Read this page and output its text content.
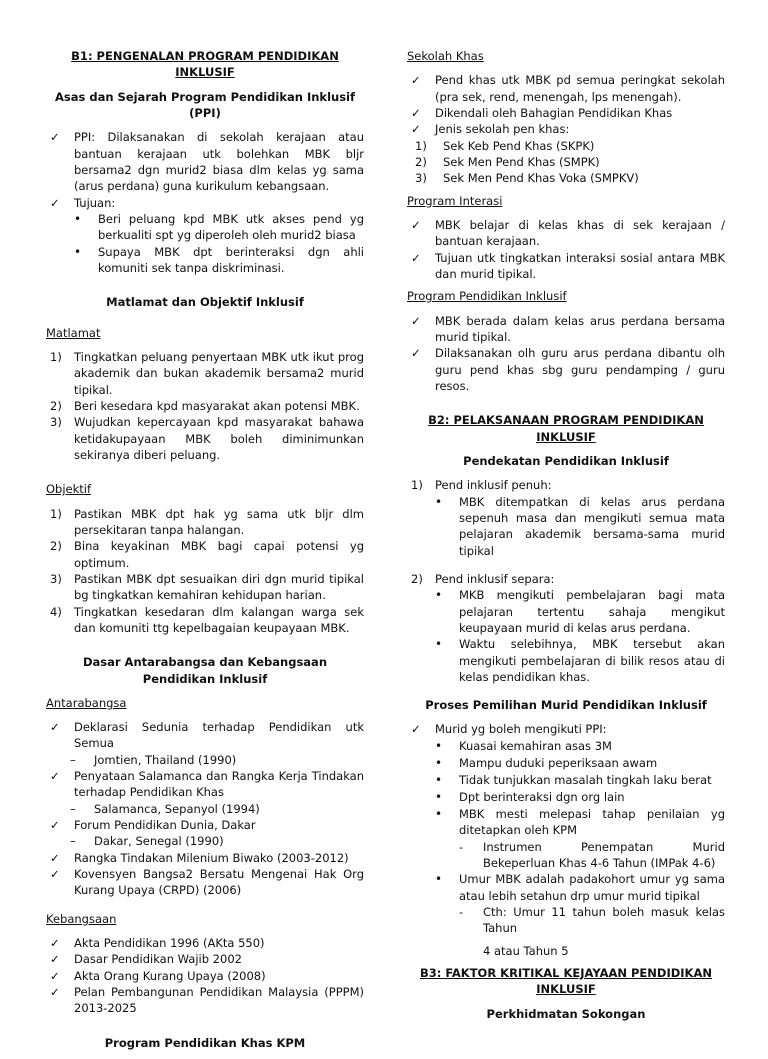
B1: PENGENALAN PROGRAM PENDIDIKAN INKLUSIF
Asas dan Sejarah Program Pendidikan Inklusif (PPI)
✓	PPI: Dilaksanakan di sekolah kerajaan atau bantuan kerajaan utk bolehkan MBK bljr bersama2 dgn murid2 biasa dlm kelas yg sama (arus perdana) guna kurikulum kebangsaan.
✓	Tujuan:
•	Beri peluang kpd MBK utk akses pend yg berkualiti spt yg diperoleh oleh murid2 biasa
•	Supaya MBK dpt berinteraksi dgn ahli komuniti sek tanpa diskriminasi.
Matlamat dan Objektif Inklusif
Matlamat
1)	Tingkatkan peluang penyertaan MBK utk ikut prog akademik dan bukan akademik bersama2 murid tipikal.
2)	Beri kesedara kpd masyarakat akan potensi MBK.
3)	Wujudkan kepercayaan kpd masyarakat bahawa ketidakupayaan MBK boleh diminimunkan sekiranya diberi peluang.
Objektif
1)	Pastikan MBK dpt hak yg sama utk bljr dlm persekitaran tanpa halangan.
2)	Bina keyakinan MBK bagi capai potensi yg optimum.
3)	Pastikan MBK dpt sesuaikan diri dgn murid tipikal bg tingkatkan kemahiran kehidupan harian.
4)	Tingkatkan kesedaran dlm kalangan warga sek dan komuniti ttg kepelbagaian keupayaan MBK.
Dasar Antarabangsa dan Kebangsaan Pendidikan Inklusif
Antarabangsa
✓	Deklarasi Sedunia terhadap Pendidikan utk Semua
–	Jomtien, Thailand (1990)
✓	Penyataan Salamanca dan Rangka Kerja Tindakan terhadap Pendidikan Khas
–	Salamanca, Sepanyol (1994)
✓	Forum Pendidikan Dunia, Dakar
–	Dakar, Senegal (1990)
✓	Rangka Tindakan Milenium Biwako (2003-2012)
✓	Kovensyen Bangsa2 Bersatu Mengenai Hak Org Kurang Upaya (CRPD) (2006)
Kebangsaan
✓	Akta Pendidikan 1996 (AKta 550)
✓	Dasar Pendidikan Wajib 2002
✓	Akta Orang Kurang Upaya (2008)
✓	Pelan Pembangunan Pendidikan Malaysia (PPPM) 2013-2025
Program Pendidikan Khas KPM
Sekolah Khas
✓	Pend khas utk MBK pd semua peringkat sekolah (pra sek, rend, menengah, lps menengah).
✓	Dikendali oleh Bahagian Pendidikan Khas
✓	Jenis sekolah pen khas:
1)	Sek Keb Pend Khas (SKPK)
2)	Sek Men Pend Khas (SMPK)
3)	Sek Men Pend Khas Voka (SMPKV)
Program Interasi
✓	MBK belajar di kelas khas di sek kerajaan / bantuan kerajaan.
✓	Tujuan utk tingkatkan interaksi sosial antara MBK dan murid tipikal.
Program Pendidikan Inklusif
✓	MBK berada dalam kelas arus perdana bersama murid tipikal.
✓	Dilaksanakan olh guru arus perdana dibantu olh guru pend khas sbg guru pendamping / guru resos.
B2: PELAKSANAAN PROGRAM PENDIDIKAN INKLUSIF
Pendekatan Pendidikan Inklusif
1)	Pend inklusif penuh:
•	MBK ditempatkan di kelas arus perdana sepenuh masa dan mengikuti semua mata pelajaran akademik bersama-sama murid tipikal
2)	Pend inklusif separa:
•	MKB mengikuti pembelajaran bagi mata pelajaran tertentu sahaja mengikut keupayaan murid di kelas arus perdana.
•	Waktu selebihnya, MBK tersebut akan mengikuti pembelajaran di bilik resos atau di kelas pendidikan khas.
Proses Pemilihan Murid Pendidikan Inklusif
✓	Murid yg boleh mengikuti PPI:
•	Kuasai kemahiran asas 3M
•	Mampu duduki peperiksaan awam
•	Tidak tunjukkan masalah tingkah laku berat
•	Dpt berinteraksi dgn org lain
•	MBK mesti melepasi tahap penilaian yg ditetapkan oleh KPM
-	Instrumen Penempatan Murid Bekeperluan Khas 4-6 Tahun (IMPak 4-6)
•	Umur MBK adalah padakohort umur yg sama atau lebih setahun drp umur murid tipikal
-	Cth: Umur 11 tahun boleh masuk kelas Tahun
4 atau Tahun 5
B3: FAKTOR KRITIKAL KEJAYAAN PENDIDIKAN INKLUSIF
Perkhidmatan Sokongan
